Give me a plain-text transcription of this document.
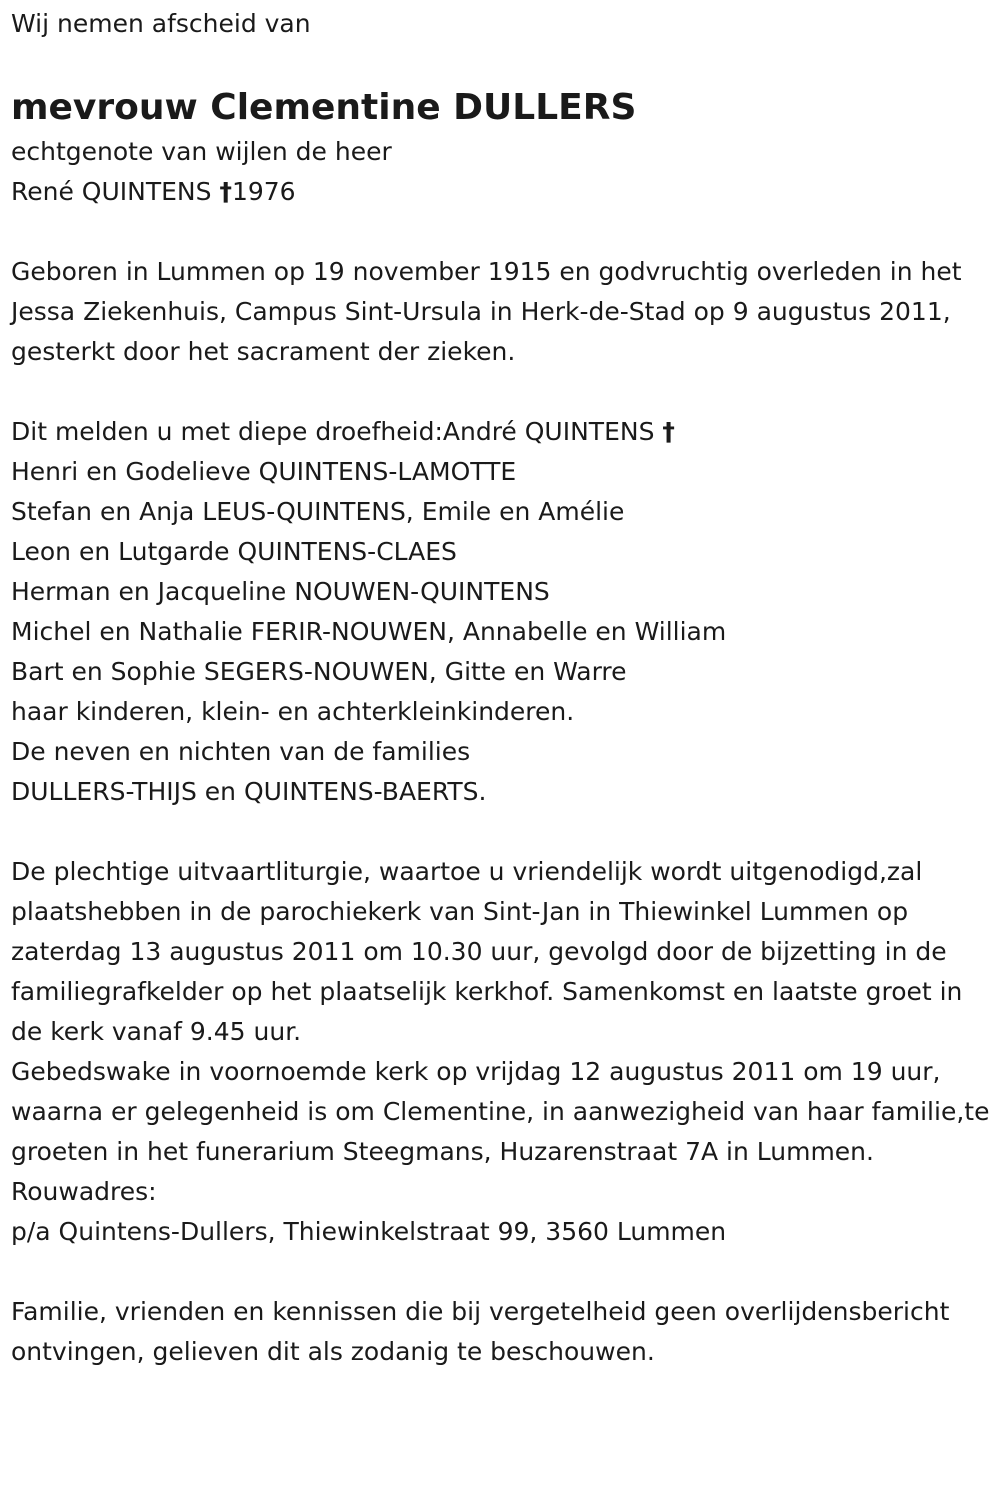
Wij nemen afscheid van
mevrouw Clementine DULLERS
echtgenote van wijlen de heer
René QUINTENS †1976

Geboren in Lummen op 19 november 1915 en godvruchtig overleden in het Jessa Ziekenhuis, Campus Sint-Ursula in Herk-de-Stad op 9 augustus 2011, gesterkt door het sacrament der zieken.

Dit melden u met diepe droefheid:André QUINTENS †
Henri en Godelieve QUINTENS-LAMOTTE
Stefan en Anja LEUS-QUINTENS, Emile en Amélie
Leon en Lutgarde QUINTENS-CLAES
Herman en Jacqueline NOUWEN-QUINTENS
Michel en Nathalie FERIR-NOUWEN, Annabelle en William
Bart en Sophie SEGERS-NOUWEN, Gitte en Warre
haar kinderen, klein- en achterkleinkinderen.
De neven en nichten van de families
DULLERS-THIJS en QUINTENS-BAERTS.

De plechtige uitvaartliturgie, waartoe u vriendelijk wordt uitgenodigd,zal plaatshebben in de parochiekerk van Sint-Jan in Thiewinkel Lummen op zaterdag 13 augustus 2011 om 10.30 uur, gevolgd door de bijzetting in de familiegrafkelder op het plaatselijk kerkhof. Samenkomst en laatste groet in de kerk vanaf 9.45 uur.

Gebedswake in voornoemde kerk op vrijdag 12 augustus 2011 om 19 uur, waarna er gelegenheid is om Clementine, in aanwezigheid van haar familie,te groeten in het funerarium Steegmans, Huzarenstraat 7A in Lummen.

Rouwadres:
p/a Quintens-Dullers, Thiewinkelstraat 99, 3560 Lummen

Familie, vrienden en kennissen die bij vergetelheid geen overlijdensbericht ontvingen, gelieven dit als zodanig te beschouwen.
